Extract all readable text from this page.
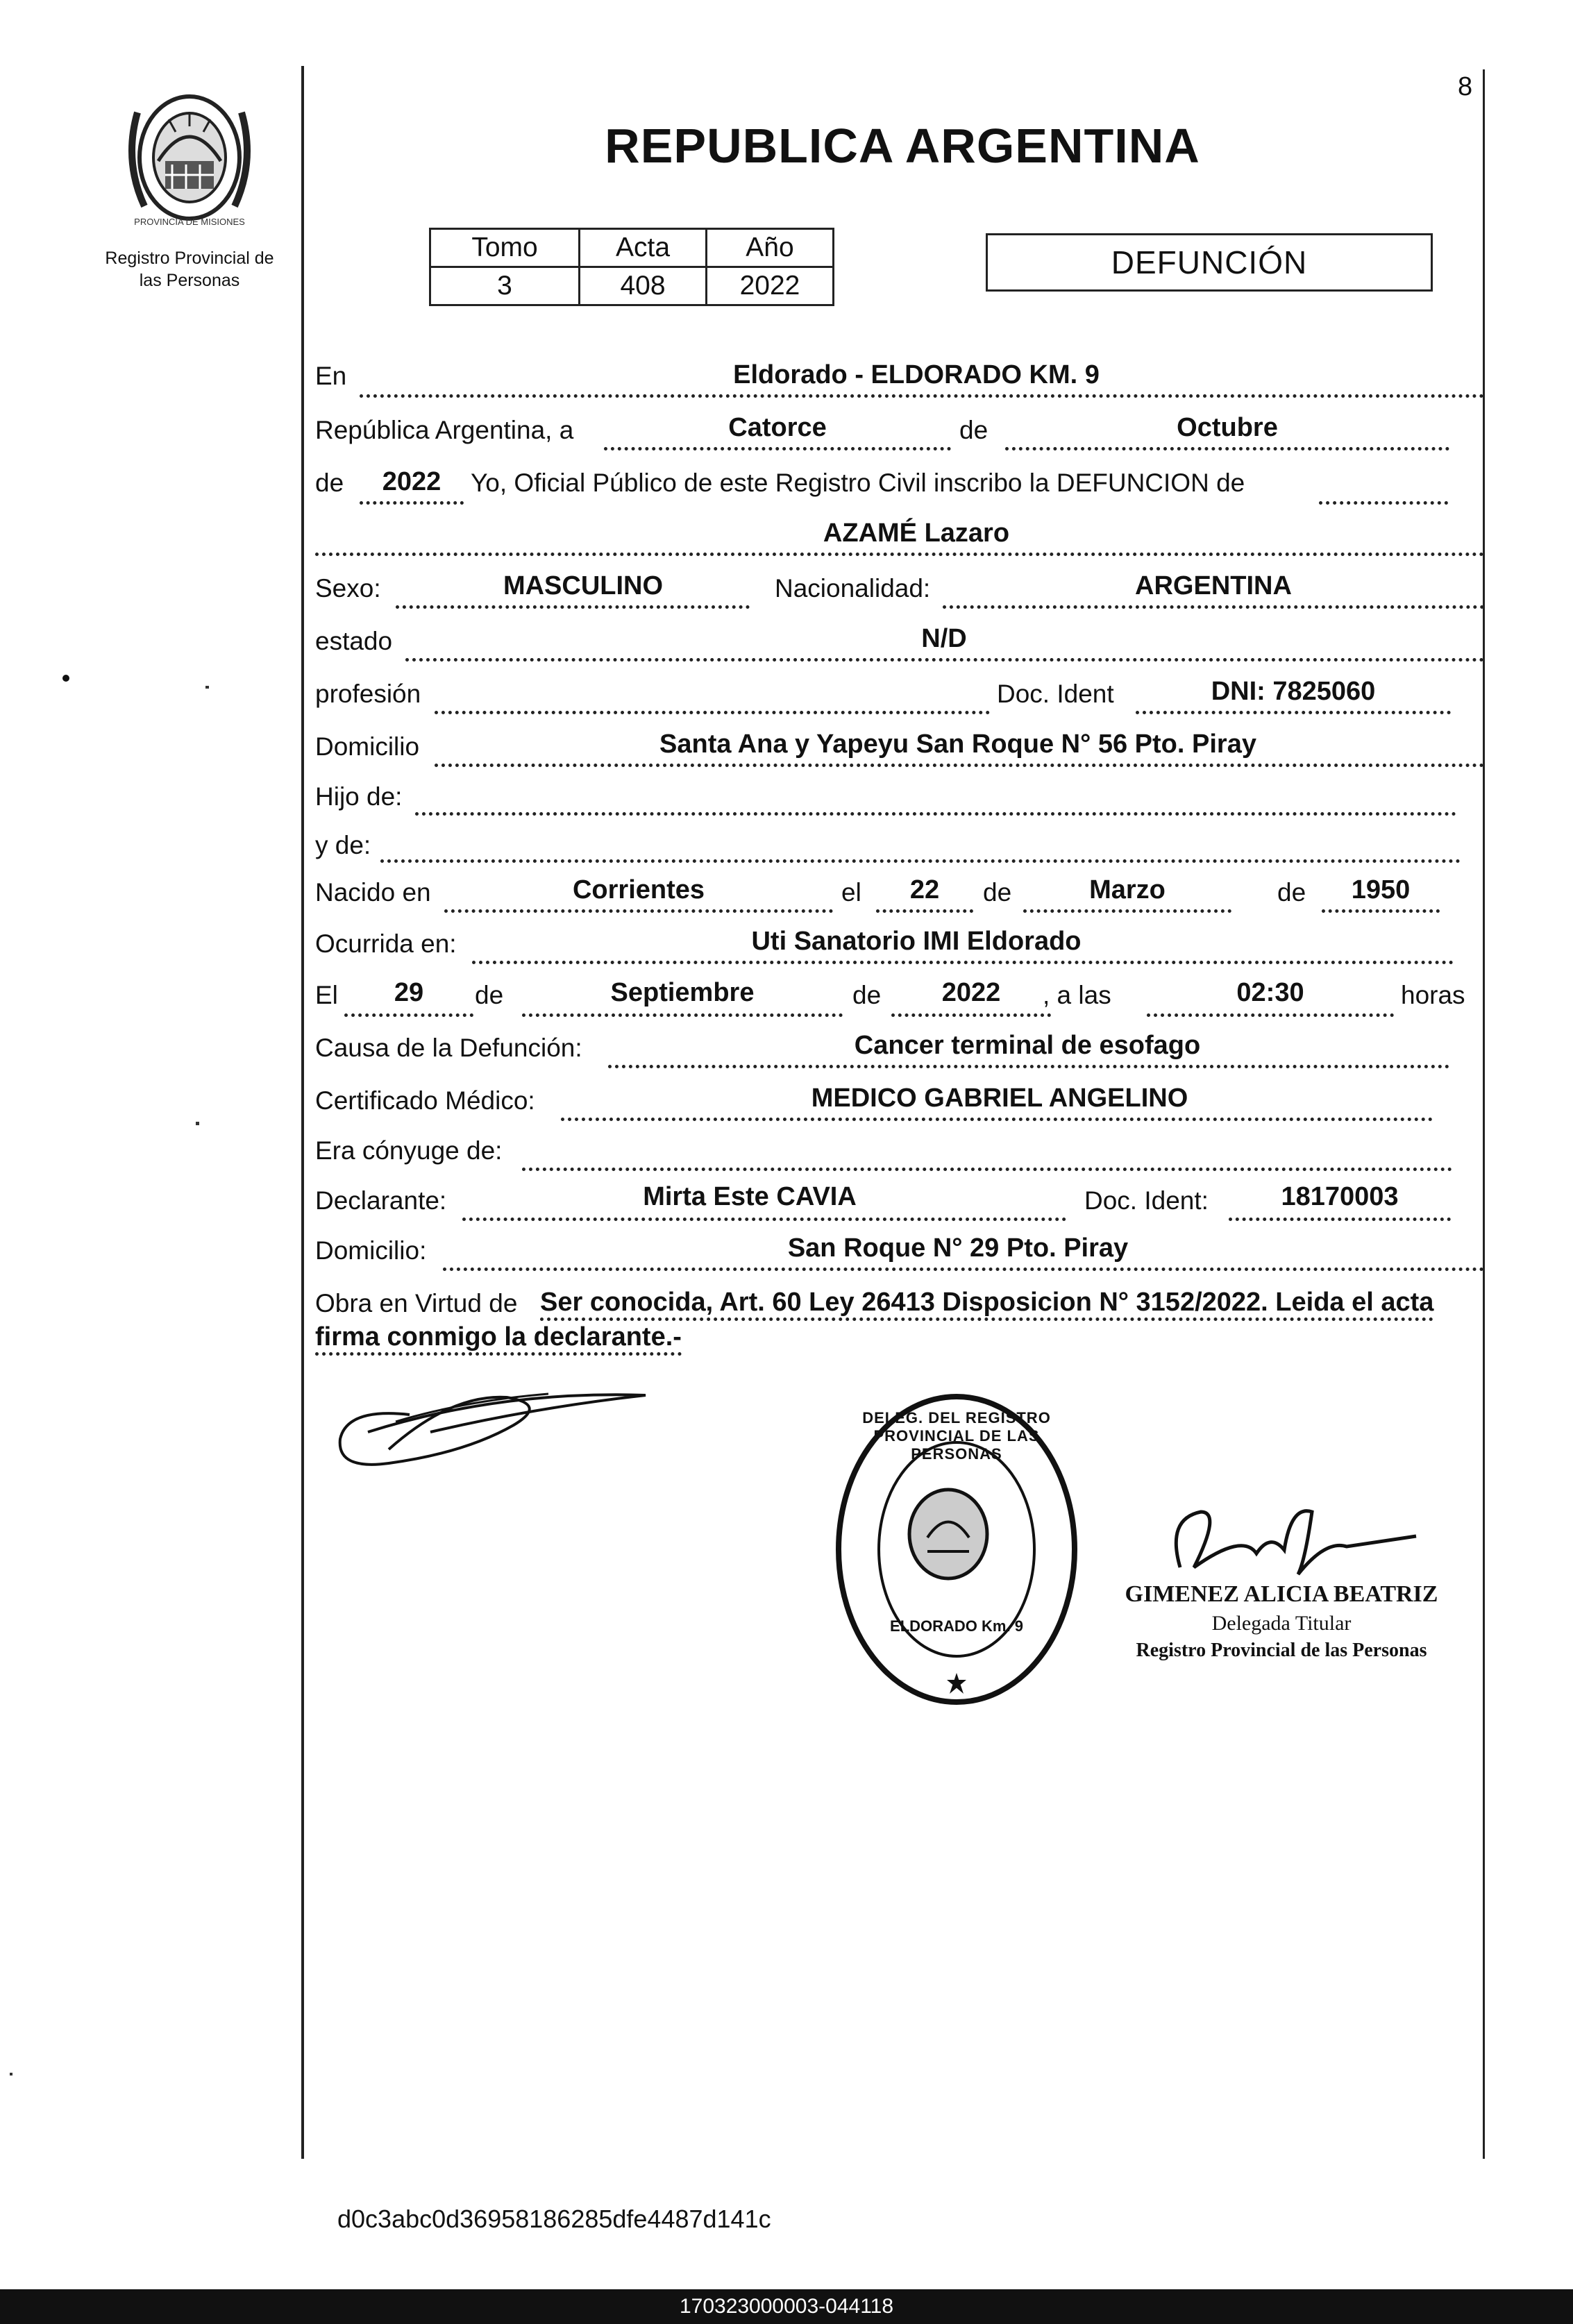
PROVINCIA DE MISIONES
Registro Provincial de
las Personas
8
REPUBLICA ARGENTINA
Tomo	Acta	Año
3	408	2022
DEFUNCIÓN
En	Eldorado - ELDORADO KM. 9
República Argentina, a	Catorce	de	Octubre
de	2022	Yo, Oficial Público de este Registro Civil inscribo la DEFUNCION de
AZAMÉ Lazaro
Sexo:	MASCULINO	Nacionalidad:	ARGENTINA
estado	N/D
profesión	Doc. Ident	DNI: 7825060
Domicilio	Santa Ana y Yapeyu San Roque N° 56 Pto. Piray
Hijo de:
y de:
Nacido en	Corrientes	el	22	de	Marzo	de	1950
Ocurrida en:	Uti Sanatorio IMI Eldorado
El	29	de	Septiembre	de	2022	, a las	02:30	horas
Causa de la Defunción:	Cancer terminal de esofago
Certificado Médico:	MEDICO GABRIEL ANGELINO
Era cónyuge de:
Declarante:	Mirta Este CAVIA	Doc. Ident:	18170003
Domicilio:	San Roque N° 29 Pto. Piray
Obra en Virtud de Ser conocida, Art. 60 Ley 26413 Disposicion N° 3152/2022. Leida el acta
firma conmigo la declarante.-
DELEG. DEL REGISTRO PROVINCIAL DE LAS PERSONAS
ELDORADO Km. 9
GIMENEZ ALICIA BEATRIZ
Delegada Titular
Registro Provincial de las Personas
d0c3abc0d36958186285dfe4487d141c
170323000003-044118
